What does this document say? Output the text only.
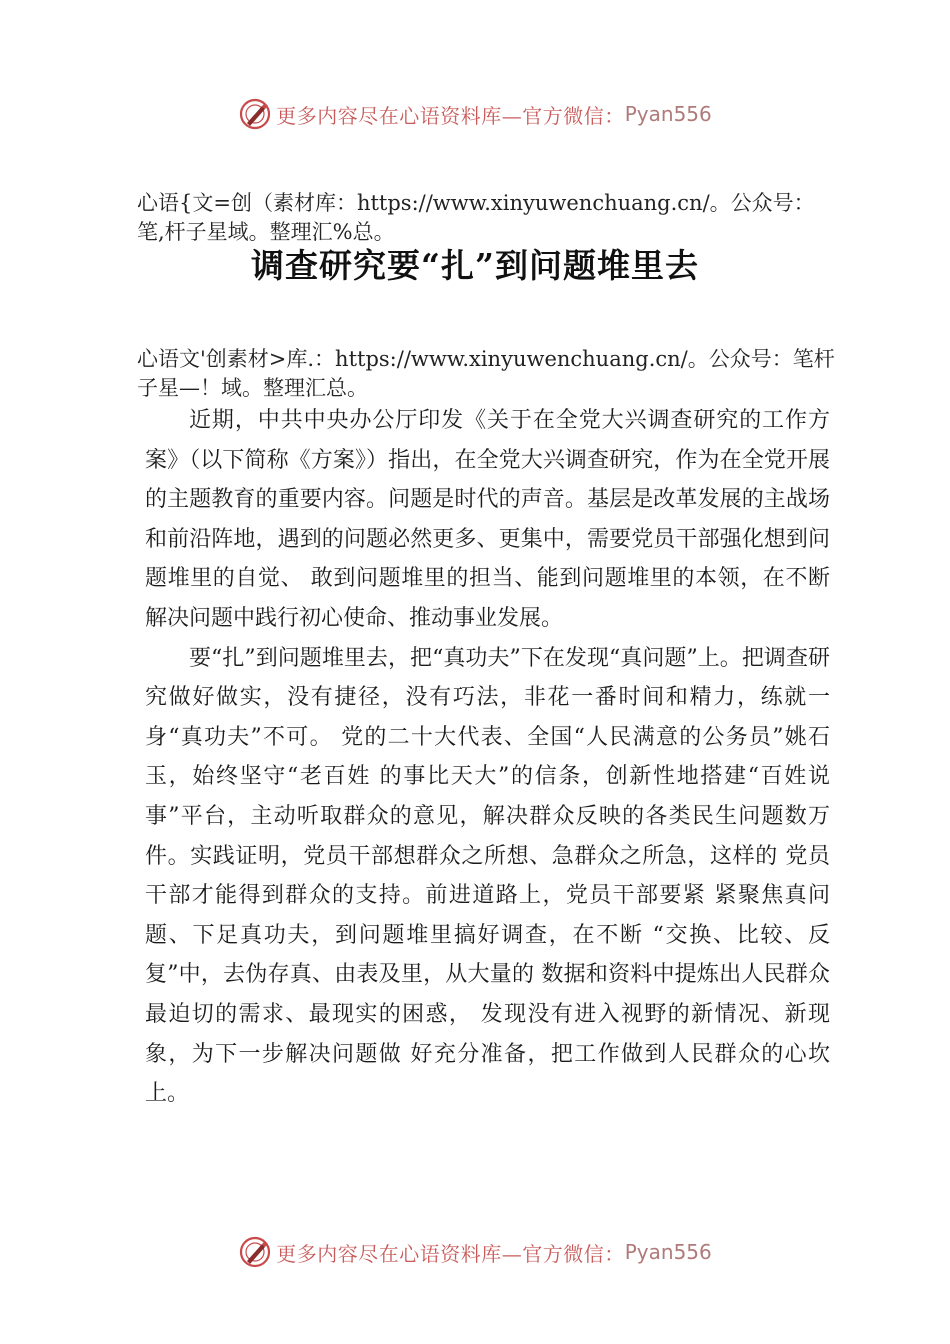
更多内容尽在心语资料库—官方微信： Pyan556
心语{文=创（素材库：https://www.xinyuwenchuang.cn/。公众号：笔,杆子星域。整理汇%总。
调查研究要“扎”到问题堆里去
心语文'创素材>库.：https://www.xinyuwenchuang.cn/。公众号：笔杆子星—！域。整理汇总。

近期，中共中央办公厅印发《关于在全党大兴调查研究的工作方案》（以下简称《方案》）指出，在全党大兴调查研究，作为在全党开展的主题教育的重要内容。问题是时代的声音。基层是改革发展的主战场和前沿阵地，遇到的问题必然更多、更集中，需要党员干部强化想到问题堆里的自觉、 敢到问题堆里的担当、能到问题堆里的本领，在不断解决问题中践行初心使命、推动事业发展。

要“扎”到问题堆里去，把“真功夫”下在发现“真问题”上。把调查研究做好做实，没有捷径，没有巧法，非花一番时间和精力，练就一身“真功夫”不可。 党的二十大代表、全国“人民满意的公务员”姚石玉，始终坚守“老百姓 的事比天大”的信条，创新性地搭建“百姓说事”平台，主动听取群众的意见，解决群众反映的各类民生问题数万件。实践证明，党员干部想群众之所想、急群众之所急，这样的 党员干部才能得到群众的支持。前进道路上，党员干部要紧 紧聚焦真问题、下足真功夫，到问题堆里搞好调查，在不断 “交换、比较、反复”中，去伪存真、由表及里，从大量的 数据和资料中提炼出人民群众最迫切的需求、最现实的困惑， 发现没有进入视野的新情况、新现象，为下一步解决问题做 好充分准备，把工作做到人民群众的心坎上。

更多内容尽在心语资料库—官方微信： Pyan556
